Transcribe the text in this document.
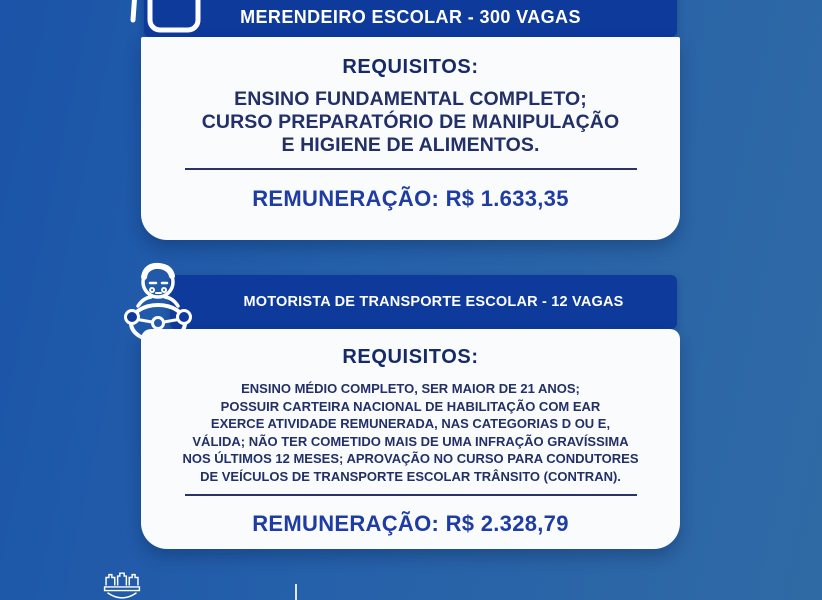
MERENDEIRO ESCOLAR - 300 VAGAS
REQUISITOS:
ENSINO FUNDAMENTAL COMPLETO;
CURSO PREPARATÓRIO DE MANIPULAÇÃO
E HIGIENE DE ALIMENTOS.
REMUNERAÇÃO: R$ 1.633,35
MOTORISTA DE TRANSPORTE ESCOLAR - 12 VAGAS
REQUISITOS:
ENSINO MÉDIO COMPLETO, SER MAIOR DE 21 ANOS;
POSSUIR CARTEIRA NACIONAL DE HABILITAÇÃO COM EAR
EXERCE ATIVIDADE REMUNERADA, NAS CATEGORIAS D OU E,
VÁLIDA; NÃO TER COMETIDO MAIS DE UMA INFRAÇÃO GRAVÍSSIMA
NOS ÚLTIMOS 12 MESES; APROVAÇÃO NO CURSO PARA CONDUTORES
DE VEÍCULOS DE TRANSPORTE ESCOLAR TRÂNSITO (CONTRAN).
REMUNERAÇÃO: R$ 2.328,79
